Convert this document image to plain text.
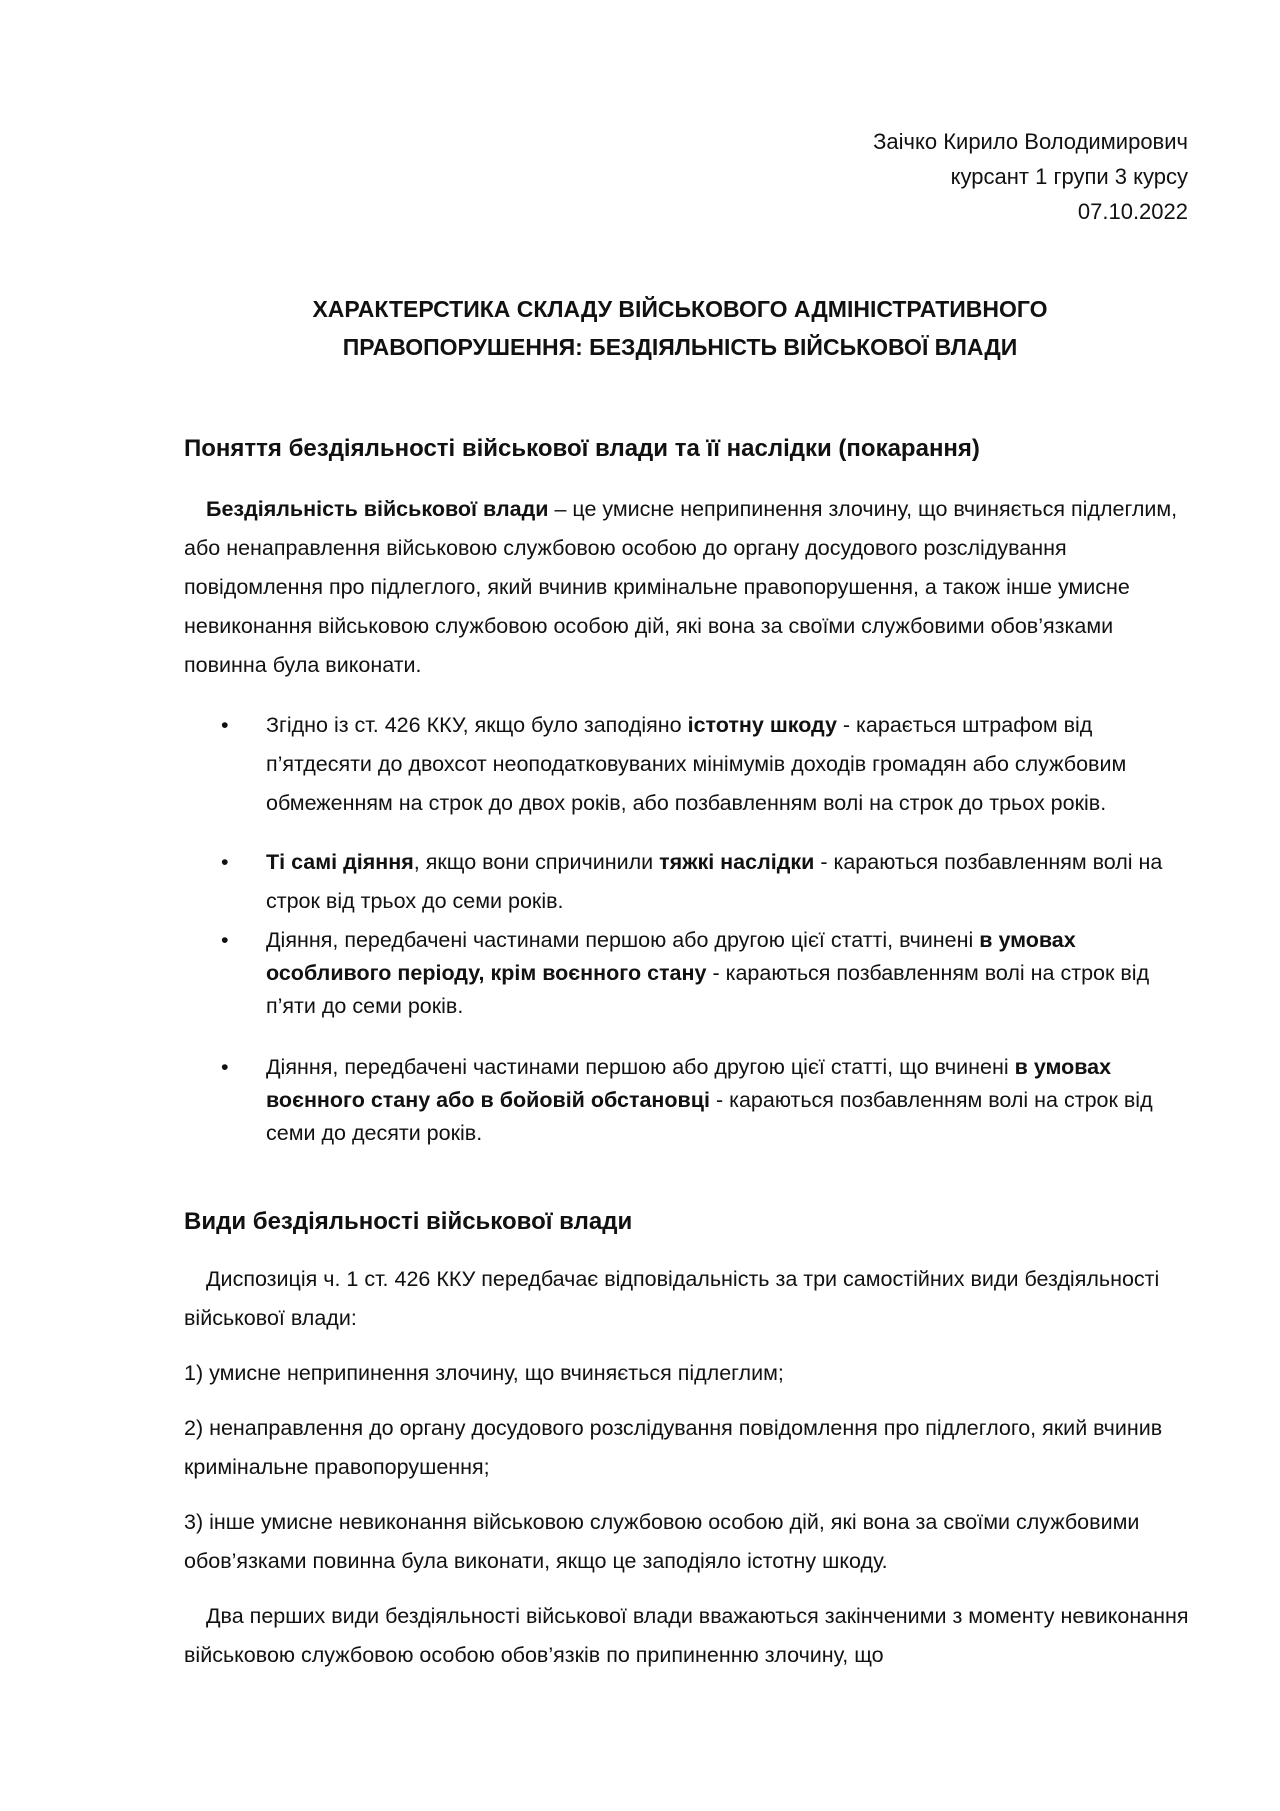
Заічко Кирило Володимирович
курсант 1 групи 3 курсу
07.10.2022
ХАРАКТЕРСТИКА СКЛАДУ ВІЙСЬКОВОГО АДМІНІСТРАТИВНОГО
ПРАВОПОРУШЕННЯ: БЕЗДІЯЛЬНІСТЬ ВІЙСЬКОВОЇ ВЛАДИ
Поняття бездіяльності військової влади та її наслідки (покарання)

Бездіяльність військової влади – це умисне неприпинення злочину, що вчиняється підлеглим, або ненаправлення військовою службовою особою до органу досудового розслідування повідомлення про підлеглого, який вчинив кримінальне правопорушення, а також інше умисне невиконання військовою службовою особою дій, які вона за своїми службовими обов’язками повинна була виконати.

• Згідно із ст. 426 ККУ, якщо було заподіяно істотну шкоду - карається штрафом від п’ятдесяти до двохсот неоподатковуваних мінімумів доходів громадян або службовим обмеженням на строк до двох років, або позбавленням волі на строк до трьох років.
• Ті самі діяння, якщо вони спричинили тяжкі наслідки - караються позбавленням волі на строк від трьох до семи років.
• Діяння, передбачені частинами першою або другою цієї статті, вчинені в умовах особливого періоду, крім воєнного стану - караються позбавленням волі на строк від п’яти до семи років.
• Діяння, передбачені частинами першою або другою цієї статті, що вчинені в умовах воєнного стану або в бойовій обстановці - караються позбавленням волі на строк від семи до десяти років.
Види бездіяльності військової влади

Диспозиція ч. 1 ст. 426 ККУ передбачає відповідальність за три самостійних види бездіяльності військової влади:

1) умисне неприпинення злочину, що вчиняється підлеглим;

2) ненаправлення до органу досудового розслідування повідомлення про підлеглого, який вчинив кримінальне правопорушення;

3) інше умисне невиконання військовою службовою особою дій, які вона за своїми службовими обов’язками повинна була виконати, якщо це заподіяло істотну шкоду.

Два перших види бездіяльності військової влади вважаються закінченими з моменту невиконання військовою службовою особою обов’язків по припиненню злочину, що
